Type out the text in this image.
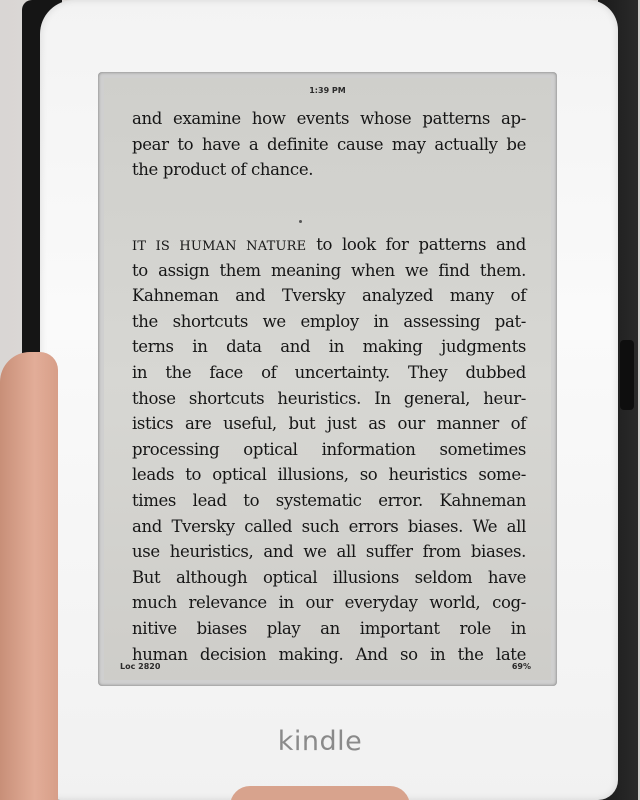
1:39 PM
and examine how events whose patterns ap-
pear to have a definite cause may actually be
the product of chance.
IT IS HUMAN NATURE to look for patterns and
to assign them meaning when we find them.
Kahneman and Tversky analyzed many of
the shortcuts we employ in assessing pat-
terns in data and in making judgments
in the face of uncertainty. They dubbed
those shortcuts heuristics. In general, heur-
istics are useful, but just as our manner of
processing optical information sometimes
leads to optical illusions, so heuristics some-
times lead to systematic error. Kahneman
and Tversky called such errors biases. We all
use heuristics, and we all suffer from biases.
But although optical illusions seldom have
much relevance in our everyday world, cog-
nitive biases play an important role in
human decision making. And so in the late
Loc 2820	69%
kindle
